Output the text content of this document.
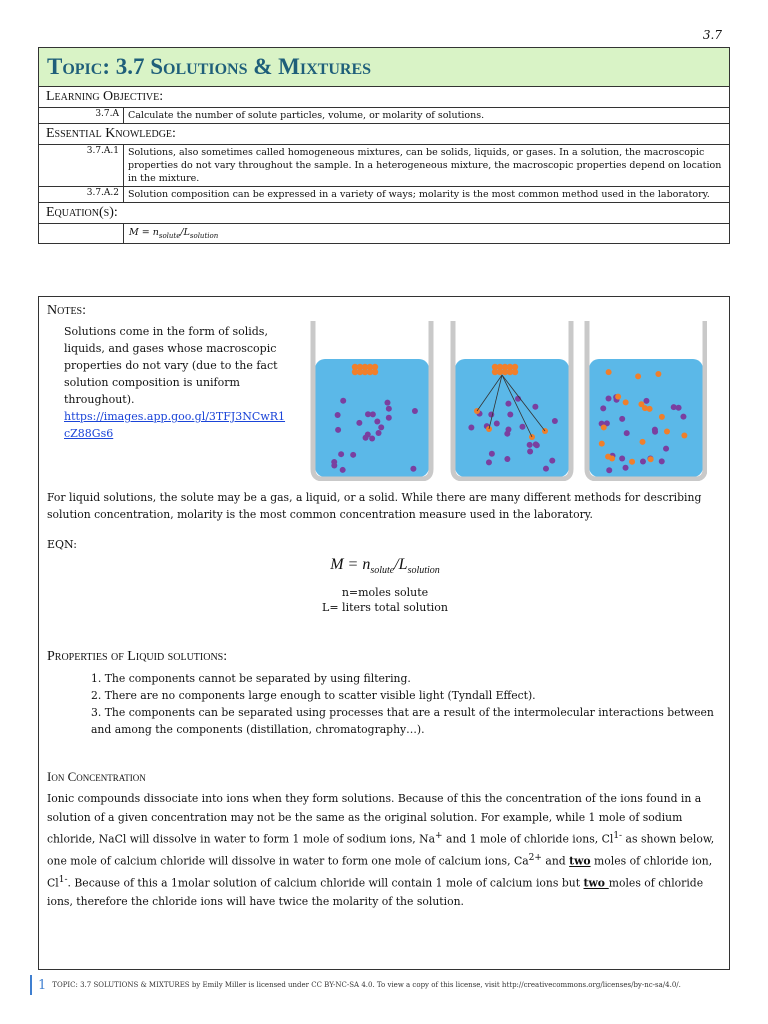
3.7
Topic: 3.7 Solutions & Mixtures	

Learning Objective:	
3.7.A	Calculate the number of solute particles, volume, or molarity of solutions.
Essential Knowledge:	
3.7.A.1	Solutions, also sometimes called homogeneous mixtures, can be solids, liquids, or gases. In a solution, the macroscopic properties do not vary throughout the sample. In a heterogeneous mixture, the macroscopic properties depend on location in the mixture.
3.7.A.2	Solution composition can be expressed in a variety of ways; molarity is the most common method used in the laboratory.
Equation(s):	
	$M = n_{solute}/L_{solution}$
Notes:
Solutions come in the form of solids, liquids, and gases whose macroscopic properties do not vary (due to the fact solution composition is uniform throughout).
https://images.app.goo.gl/3TFJ3NCwR1cZ88Gs6
For liquid solutions, the solute may be a gas, a liquid, or a solid. While there are many different methods for describing solution concentration, molarity is the most common concentration measure used in the laboratory.
EQN:
$M = n_{solute}/L_{solution}$
n=moles solute
L= liters total solution
Properties of Liquid solutions:
1. The components cannot be separated by using filtering.
2. There are no components large enough to scatter visible light (Tyndall Effect).
3. The components can be separated using processes that are a result of the intermolecular interactions between and among the components (distillation, chromatography…).
Ion Concentration
Ionic compounds dissociate into ions when they form solutions. Because of this the concentration of the ions found in a solution of a given concentration may not be the same as the original solution. For example, while 1 mole of sodium chloride, NaCl will dissolve in water to form 1 mole of sodium ions, Na+ and 1 mole of chloride ions, $Cl^{1-}$ as shown below, one mole of calcium chloride will dissolve in water to form one mole of calcium ions, $Ca^{2+}$ and two moles of chloride ion, $Cl^{1-}$. Because of this a 1molar solution of calcium chloride will contain 1 mole of calcium ions but two moles of chloride ions, therefore the chloride ions will have twice the molarity of the solution.
1 TOPIC: 3.7 SOLUTIONS & MIXTURES by Emily Miller is licensed under CC BY-NC-SA 4.0. To view a copy of this license, visit http://creativecommons.org/licenses/by-nc-sa/4.0/.
